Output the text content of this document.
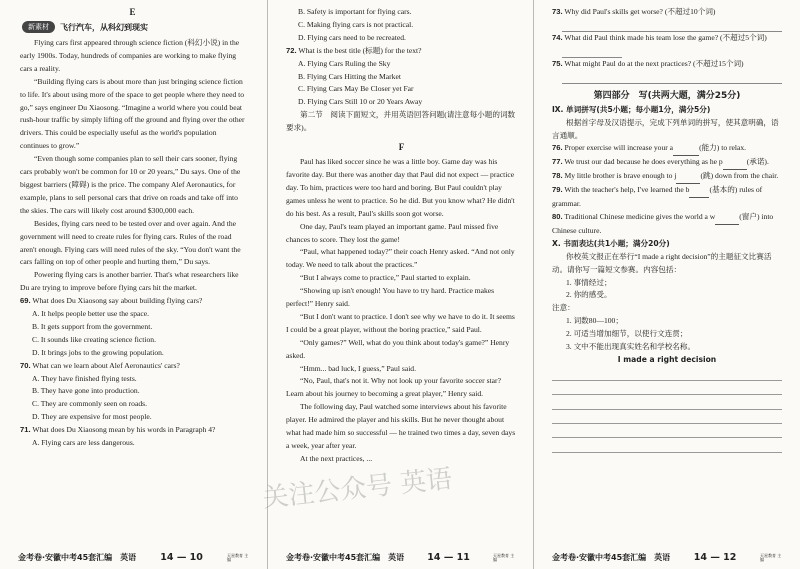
E
新素材	飞行汽车，从科幻到现实

Flying cars first appeared through science fiction (科幻小说) in the early 1900s. Today, hundreds of companies are working to make flying cars a reality.

“Building flying cars is about more than just bringing science fiction to life. It's about using more of the space to get people where they need to go,” says engineer Du Xiaosong. “Imagine a world where you could beat rush-hour traffic by simply lifting off the ground and flying over the other drivers. This could be especially useful as the world's population continues to grow.”

“Even though some companies plan to sell their cars sooner, flying cars probably won't be common for 10 or 20 years,” Du says. One of the biggest barriers (障碍) is the price. The company Alef Aeronautics, for example, plans to sell personal cars that drive on roads and take off into the skies. The cars will likely cost around $300,000 each.

Besides, flying cars need to be tested over and over again. And the government will need to create rules for flying cars. Rules of the road aren't enough. Flying cars will need rules of the sky. “You don't want the cars falling on top of other people and hurting them,” Du says.

Powering flying cars is another barrier. That's what researchers like Du are trying to improve before flying cars hit the market.

69. What does Du Xiaosong say about building flying cars?

A. It helps people better use the space.

B. It gets support from the government.

C. It sounds like creating science fiction.

D. It brings jobs to the growing population.

70. What can we learn about Alef Aeronautics' cars?

A. They have finished flying tests.

B. They have gone into production.

C. They are commonly seen on roads.

D. They are expensive for most people.

71. What does Du Xiaosong mean by his words in Paragraph 4?

A. Flying cars are less dangerous.

金考卷·安徽中考45套汇编　英语	14 — 10	天星教育 主编

B. Safety is important for flying cars.

C. Making flying cars is not practical.

D. Flying cars need to be recreated.

72. What is the best title (标题) for the text?

A. Flying Cars Ruling the Sky

B. Flying Cars Hitting the Market

C. Flying Cars May Be Closer yet Far

D. Flying Cars Still 10 or 20 Years Away

第二节　阅读下面短文，并用英语回答问题(请注意每小题的词数要求)。

F

Paul has liked soccer since he was a little boy. Game day was his favorite day. But there was another day that Paul did not expect — practice day. To him, practices were too hard and boring. But Paul couldn't play games unless he went to practice. So he did. But you know what? He didn't do his best. As a result, Paul's skills soon got worse.

One day, Paul's team played an important game. Paul missed five chances to score. They lost the game!

“Paul, what happened today?” their coach Henry asked. “And not only today. We need to talk about the practices.”

“But I always come to practice,” Paul started to explain.

“Showing up isn't enough! You have to try hard. Practice makes perfect!” Henry said.

“But I don't want to practice. I don't see why we have to do it. It seems I could be a great player, without the boring practice,” said Paul.

“Only games?” Well, what do you think about today's game?” Henry asked.

“Hmm... bad luck, I guess,” Paul said.

“No, Paul, that's not it. Why not look up your favorite soccer star? Learn about his journey to becoming a great player,” Henry said.

The following day, Paul watched some interviews about his favorite player. He admired the player and his skills. But he never thought about what had made him so successful — he trained two times a day, seven days a week, year after year.

At the next practices, ...

金考卷·安徽中考45套汇编　英语 14 — 11	天星教育 主编

73. Why did Paul's skills get worse? (不超过10个词)

74. What did Paul think made his team lose the game? (不超过5个词)

75. What might Paul do at the next practices? (不超过15个词)

第四部分　写(共两大题，满分25分)

Ⅸ. 单词拼写(共5小题；每小题1分，满分5分)

根据首字母及汉语提示，完成下列单词的拼写，使其意明确，语言通顺。

76. Proper exercise will increase your a	(能力) to relax.

77. We trust our dad because he does everything as he p	(承诺).

78. My little brother is brave enough to j	(跳) down from the chair.

79. With the teacher's help, I've learned the b	(基本的) rules of grammar.

80. Traditional Chinese medicine gives the world a w	(窗户) into Chinese culture.

Ⅹ. 书面表达(共1小题；满分20分)

你校英文报正在举行“I made a right decision”的主题征文比赛活动。请你写一篇短文参赛。内容包括：

1. 事情经过；

2. 你的感受。

注意：

1. 词数80—100；

2. 可适当增加细节，以使行文连贯；

3. 文中不能出现真实姓名和学校名称。

I made a right decision
金考卷·安徽中考45套汇编　英语 14 — 12	天星教育 主编
关注公众号 英语
